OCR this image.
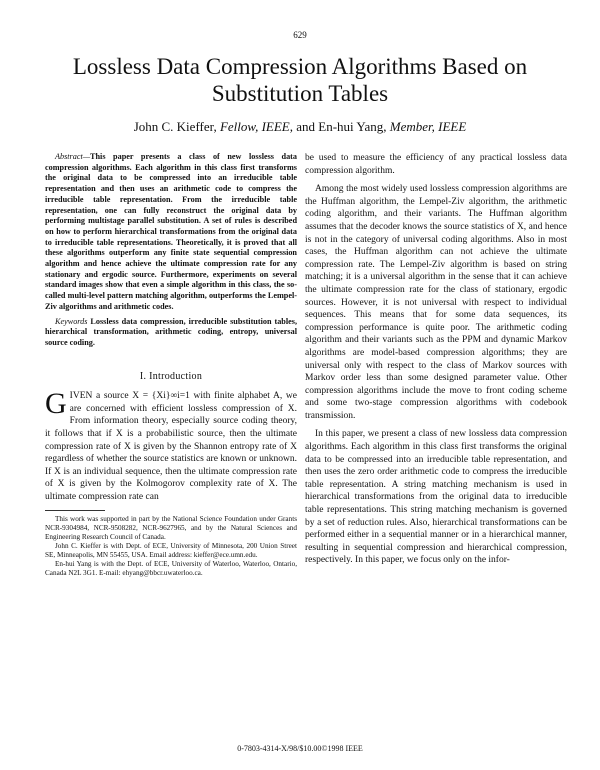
629
Lossless Data Compression Algorithms Based on
Substitution Tables
John C. Kieffer, Fellow, IEEE, and En-hui Yang, Member, IEEE

Abstract—This paper presents a class of new lossless data compression algorithms. Each algorithm in this class first transforms the original data to be compressed into an irreducible table representation and then uses an arithmetic code to compress the irreducible table representation. From the irreducible table representation, one can fully reconstruct the original data by performing multistage parallel substitution. A set of rules is described on how to perform hierarchical transformations from the original data to irreducible table representations. Theoretically, it is proved that all these algorithms outperform any finite state sequential compression algorithm and hence achieve the ultimate compression rate for any stationary and ergodic source. Furthermore, experiments on several standard images show that even a simple algorithm in this class, the so-called multi-level pattern matching algorithm, outperforms the Lempel-Ziv algorithms and arithmetic codes.

Keywords Lossless data compression, irreducible substitution tables, hierarchical transformation, arithmetic coding, entropy, universal source coding.

I. Introduction

GIVEN a source X = {Xi}∞i=1 with finite alphabet A, we are concerned with efficient lossless compression of X. From information theory, especially source coding theory, it follows that if X is a probabilistic source, then the ultimate compression rate of X is given by the Shannon entropy rate of X regardless of whether the source statistics are known or unknown. If X is an individual sequence, then the ultimate compression rate of X is given by the Kolmogorov complexity rate of X. The ultimate compression rate can

This work was supported in part by the National Science Foundation under Grants NCR-9304984, NCR-9508282, NCR-9627965, and by the Natural Sciences and Engineering Research Council of Canada.

John C. Kieffer is with Dept. of ECE, University of Minnesota, 200 Union Street SE, Minneapolis, MN 55455, USA. Email address: kieffer@ece.umn.edu.

En-hui Yang is with the Dept. of ECE, University of Waterloo, Waterloo, Ontario, Canada N2L 3G1. E-mail: ehyang@bbcr.uwaterloo.ca.

be used to measure the efficiency of any practical lossless data compression algorithm.

Among the most widely used lossless compression algorithms are the Huffman algorithm, the Lempel-Ziv algorithm, the arithmetic coding algorithm, and their variants. The Huffman algorithm assumes that the decoder knows the source statistics of X, and hence is not in the category of universal coding algorithms. Also in most cases, the Huffman algorithm can not achieve the ultimate compression rate. The Lempel-Ziv algorithm is based on string matching; it is a universal algorithm in the sense that it can achieve the ultimate compression rate for the class of stationary, ergodic sources. However, it is not universal with respect to individual sequences. This means that for some data sequences, its compression performance is quite poor. The arithmetic coding algorithm and their variants such as the PPM and dynamic Markov algorithms are model-based compression algorithms; they are universal only with respect to the class of Markov sources with Markov order less than some designed parameter value. Other compression algorithms include the move to front coding scheme and some two-stage compression algorithms with codebook transmission.

In this paper, we present a class of new lossless data compression algorithms. Each algorithm in this class first transforms the original data to be compressed into an irreducible table representation, and then uses the zero order arithmetic code to compress the irreducible table representation. A string matching mechanism is used in hierarchical transformations from the original data to irreducible table representations. This string matching mechanism is governed by a set of reduction rules. Also, hierarchical transformations can be performed either in a sequential manner or in a hierarchical manner, resulting in sequential compression and hierarchical compression, respectively. In this paper, we focus only on the infor-

0-7803-4314-X/98/$10.00©1998 IEEE
